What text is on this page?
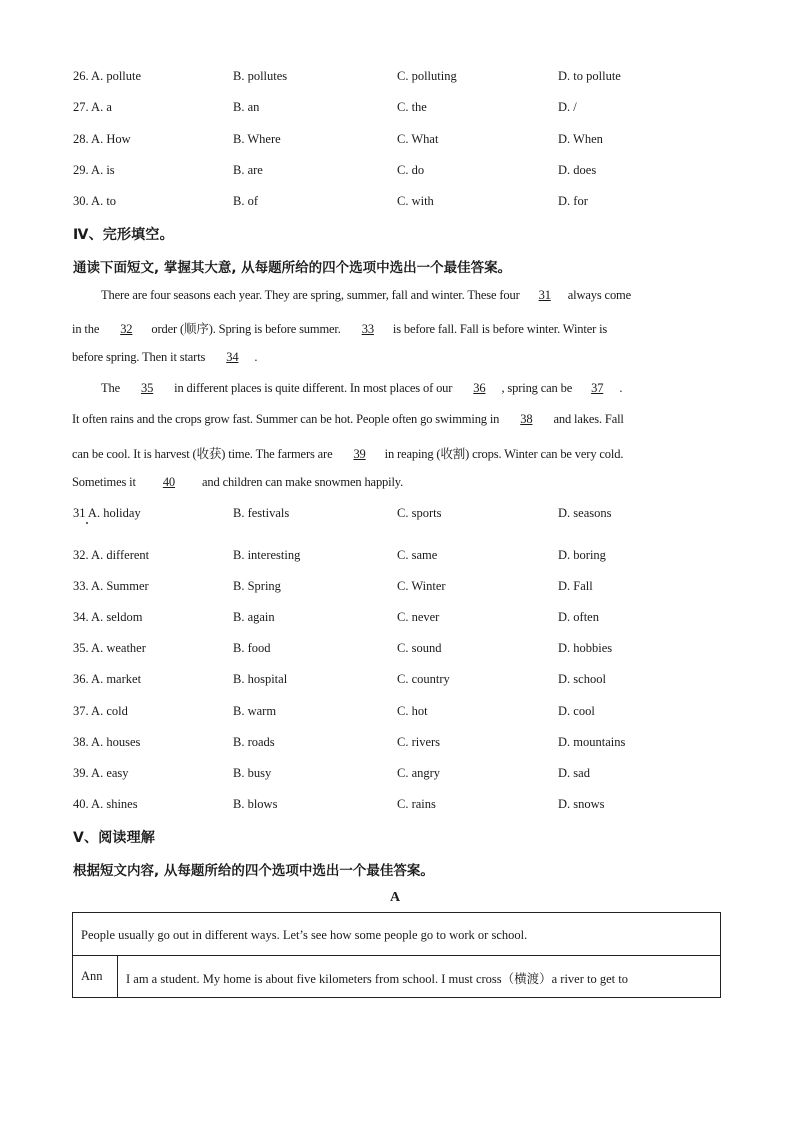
26. A. pollute	B. pollutes	C. polluting	D. to pollute
27. A. a	B. an	C. the	D. /
28. A. How	B. Where	C. What	D. When
29. A. is	B. are	C. do	D. does
30. A. to	B. of	C. with	D. for
Ⅳ、完形填空。
通读下面短文, 掌握其大意, 从每题所给的四个选项中选出一个最佳答案。
There are four seasons each year. They are spring, summer, fall and winter. These four 31 always come
in the 32 order (顺序). Spring is before summer. 33 is before fall. Fall is before winter. Winter is
before spring. Then it starts 34 .
The 35 in different places is quite different. In most places of our 36 , spring can be 37 .
It often rains and the crops grow fast. Summer can be hot. People often go swimming in 38 and lakes. Fall
can be cool. It is harvest (收获) time. The farmers are 39 in reaping (收割) crops. Winter can be very cold.
Sometimes it 40 and children can make snowmen happily.
31 A. holiday	B. festivals	C. sports	D. seasons
32. A. different	B. interesting	C. same	D. boring
33. A. Summer	B. Spring	C. Winter	D. Fall
34. A. seldom	B. again	C. never	D. often
35. A. weather	B. food	C. sound	D. hobbies
36. A. market	B. hospital	C. country	D. school
37. A. cold	B. warm	C. hot	D. cool
38. A. houses	B. roads	C. rivers	D. mountains
39. A. easy	B. busy	C. angry	D. sad
40. A. shines	B. blows	C. rains	D. snows
Ⅴ、阅读理解
根据短文内容, 从每题所给的四个选项中选出一个最佳答案。
A
People usually go out in different ways. Let’s see how some people go to work or school.
Ann I am a student. My home is about five kilometers from school. I must cross（横渡）a river to get to
